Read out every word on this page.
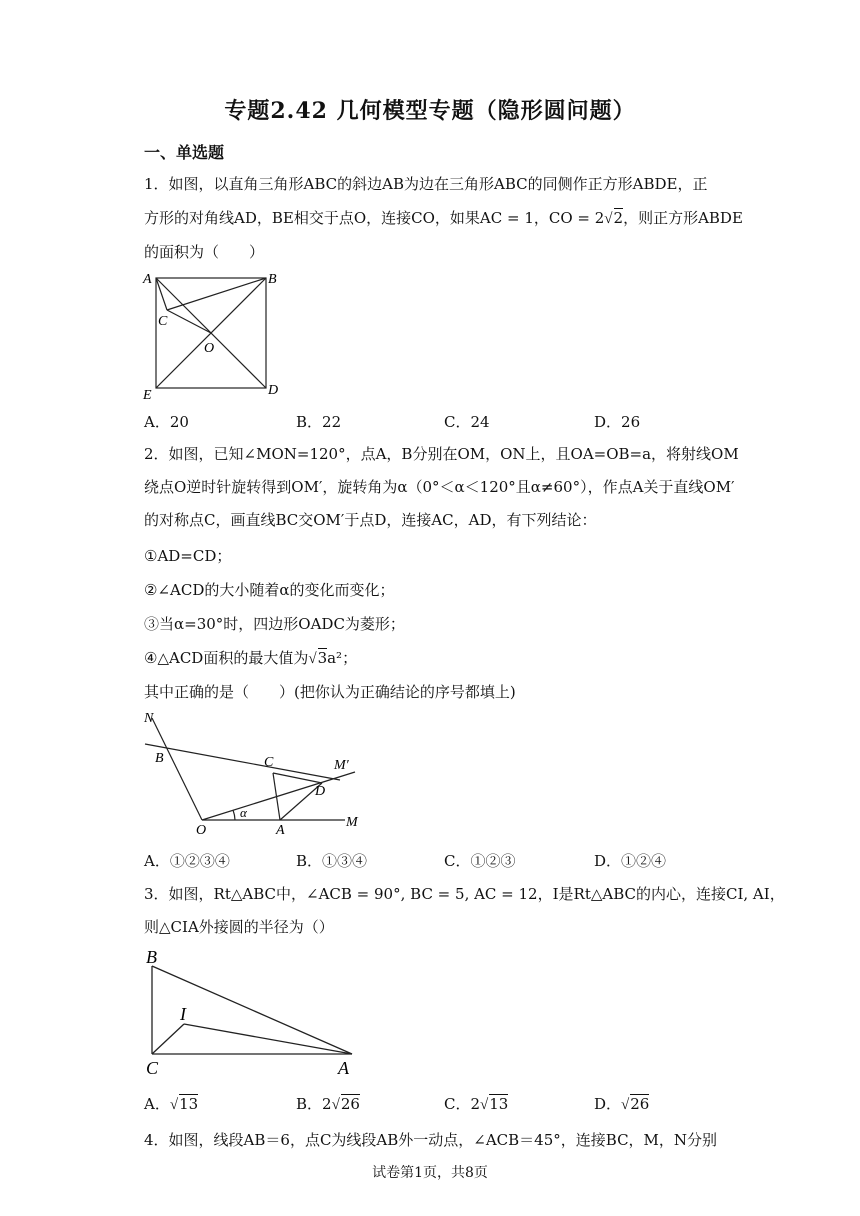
专题2.42 几何模型专题（隐形圆问题）
一、单选题
1．如图，以直角三角形ABC的斜边AB为边在三角形ABC的同侧作正方形ABDE，正
方形的对角线AD，BE相交于点O，连接CO，如果AC = 1，CO = 2√2，则正方形ABDE
的面积为（　　）
A	B
C
O
E	D
A．20	B．22	C．24	D．26
2．如图，已知∠MON=120°，点A，B分别在OM，ON上，且OA=OB=a，将射线OM
绕点O逆时针旋转得到OM′，旋转角为α（0°＜α＜120°且α≠60°），作点A关于直线OM′
的对称点C，画直线BC交OM′于点D，连接AC，AD，有下列结论：
①AD=CD；
②∠ACD的大小随着α的变化而变化；
③当α=30°时，四边形OADC为菱形；
④△ACD面积的最大值为√3a²；
其中正确的是（　　）(把你认为正确结论的序号都填上)
N
B	C	M′
D
α
O	A
M
A．①②③④	B．①③④	C．①②③	D．①②④
3．如图，Rt△ABC中，∠ACB = 90°, BC = 5, AC = 12，I是Rt△ABC的内心，连接CI, AI，
则△CIA外接圆的半径为（）
B
I
C	A
A．√13	B．2√26	C．2√13	D．√26
4．如图，线段AB＝6，点C为线段AB外一动点，∠ACB＝45°，连接BC，M，N分别
试卷第1页，共8页
